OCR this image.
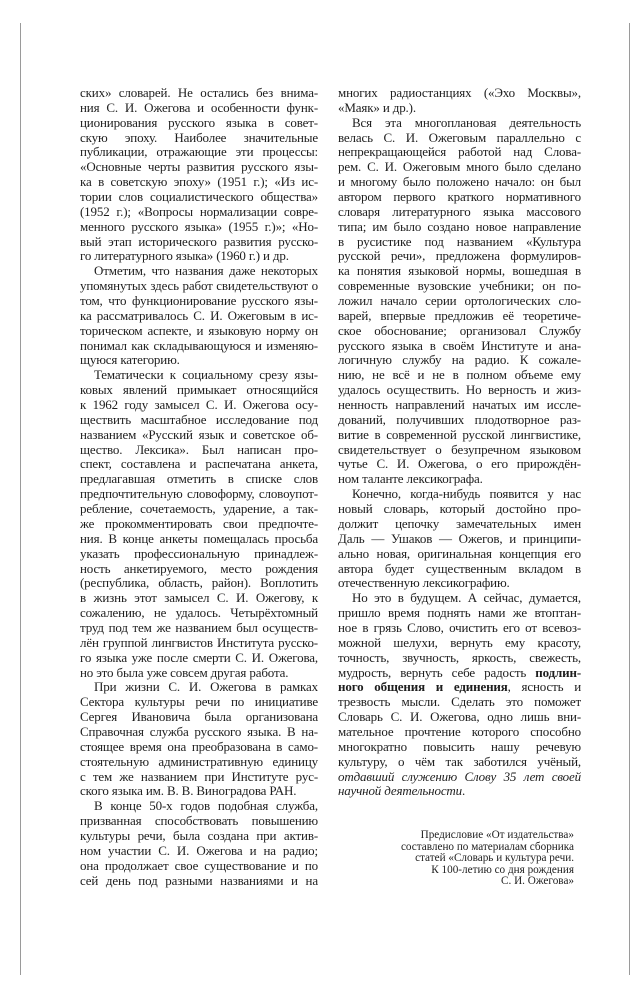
ских» словарей. Не остались без внима-
ния С. И. Ожегова и особенности функ-
ционирования русского языка в совет-
скую эпоху. Наиболее значительные
публикации, отражающие эти процессы:
«Основные черты развития русского язы-
ка в советскую эпоху» (1951 г.); «Из ис-
тории слов социалистического общества»
(1952 г.); «Вопросы нормализации совре-
менного русского языка» (1955 г.)»; «Но-
вый этап исторического развития русско-
го литературного языка» (1960 г.) и др.
Отметим, что названия даже некоторых
упомянутых здесь работ свидетельствуют о
том, что функционирование русского язы-
ка рассматривалось С. И. Ожеговым в ис-
торическом аспекте, и языковую норму он
понимал как складывающуюся и изменяю-
щуюся категорию.
Тематически к социальному срезу язы-
ковых явлений примыкает относящийся
к 1962 году замысел С. И. Ожегова осу-
ществить масштабное исследование под
названием «Русский язык и советское об-
щество. Лексика». Был написан про-
спект, составлена и распечатана анкета,
предлагавшая отметить в списке слов
предпочтительную словоформу, словоупот-
ребление, сочетаемость, ударение, а так-
же прокомментировать свои предпочте-
ния. В конце анкеты помещалась просьба
указать профессиональную принадлеж-
ность анкетируемого, место рождения
(республика, область, район). Воплотить
в жизнь этот замысел С. И. Ожегову, к
сожалению, не удалось. Четырёхтомный
труд под тем же названием был осуществ-
лён группой лингвистов Института русско-
го языка уже после смерти С. И. Ожегова,
но это была уже совсем другая работа.
При жизни С. И. Ожегова в рамках
Сектора культуры речи по инициативе
Сергея Ивановича была организована
Справочная служба русского языка. В на-
стоящее время она преобразована в само-
стоятельную административную единицу
с тем же названием при Институте рус-
ского языка им. В. В. Виноградова РАН.
В конце 50-х годов подобная служба,
призванная способствовать повышению
культуры речи, была создана при актив-
ном участии С. И. Ожегова и на радио;
она продолжает свое существование и по
сей день под разными названиями и на
многих радиостанциях («Эхо Москвы»,
«Маяк» и др.).
Вся эта многоплановая деятельность
велась С. И. Ожеговым параллельно с
непрекращающейся работой над Слова-
рем. С. И. Ожеговым много было сделано
и многому было положено начало: он был
автором первого краткого нормативного
словаря литературного языка массового
типа; им было создано новое направление
в русистике под названием «Культура
русской речи», предложена формулиров-
ка понятия языковой нормы, вошедшая в
современные вузовские учебники; он по-
ложил начало серии ортологических сло-
варей, впервые предложив её теоретиче-
ское обоснование; организовал Службу
русского языка в своём Институте и ана-
логичную службу на радио. К сожале-
нию, не всё и не в полном объеме ему
удалось осуществить. Но верность и жиз-
ненность направлений начатых им иссле-
дований, получивших плодотворное раз-
витие в современной русской лингвистике,
свидетельствует о безупречном языковом
чутье С. И. Ожегова, о его прирождён-
ном таланте лексикографа.
Конечно, когда-нибудь появится у нас
новый словарь, который достойно про-
должит цепочку замечательных имен
Даль — Ушаков — Ожегов, и принципи-
ально новая, оригинальная концепция его
автора будет существенным вкладом в
отечественную лексикографию.
Но это в будущем. А сейчас, думается,
пришло время поднять нами же втоптан-
ное в грязь Слово, очистить его от всевоз-
можной шелухи, вернуть ему красоту,
точность, звучность, яркость, свежесть,
мудрость, вернуть себе радость подлин-
ного общения и единения, ясность и
трезвость мысли. Сделать это поможет
Словарь С. И. Ожегова, одно лишь вни-
мательное прочтение которого способно
многократно повысить нашу речевую
культуру, о чём так заботился учёный,
отдавший служению Слову 35 лет своей
научной деятельности.
Предисловие «От издательства»
составлено по материалам сборника
статей «Словарь и культура речи.
К 100-летию со дня рождения
С. И. Ожегова»
